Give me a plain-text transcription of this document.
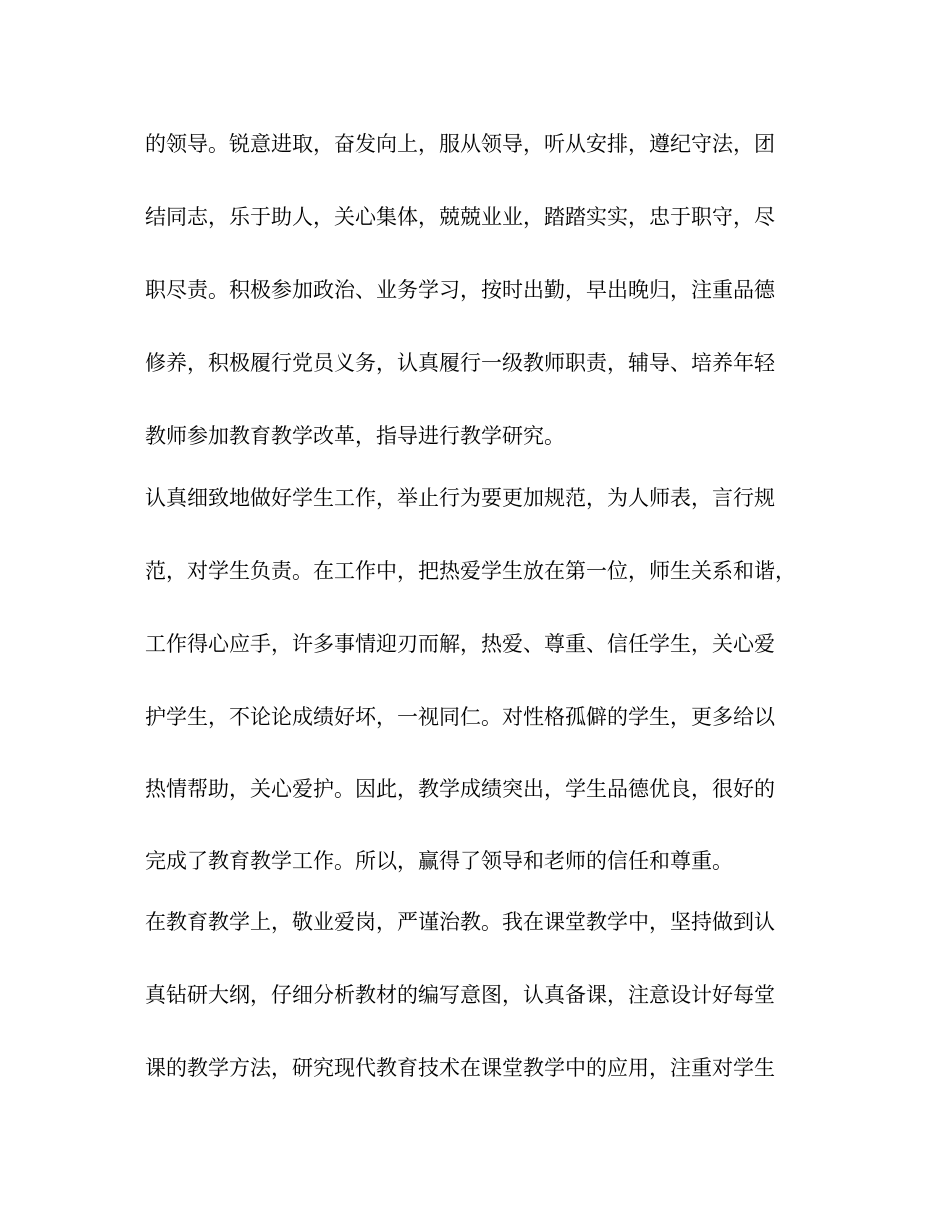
的领导。锐意进取，奋发向上，服从领导，听从安排，遵纪守法，团
结同志，乐于助人，关心集体，兢兢业业，踏踏实实，忠于职守，尽
职尽责。积极参加政治、业务学习，按时出勤，早出晚归，注重品德
修养，积极履行党员义务，认真履行一级教师职责，辅导、培养年轻
教师参加教育教学改革，指导进行教学研究。
认真细致地做好学生工作，举止行为要更加规范，为人师表，言行规
范，对学生负责。在工作中，把热爱学生放在第一位，师生关系和谐，
工作得心应手，许多事情迎刃而解，热爱、尊重、信任学生，关心爱
护学生，不论论成绩好坏，一视同仁。对性格孤僻的学生，更多给以
热情帮助，关心爱护。因此，教学成绩突出，学生品德优良，很好的
完成了教育教学工作。所以，赢得了领导和老师的信任和尊重。
在教育教学上，敬业爱岗，严谨治教。我在课堂教学中，坚持做到认
真钻研大纲，仔细分析教材的编写意图，认真备课，注意设计好每堂
课的教学方法，研究现代教育技术在课堂教学中的应用，注重对学生
